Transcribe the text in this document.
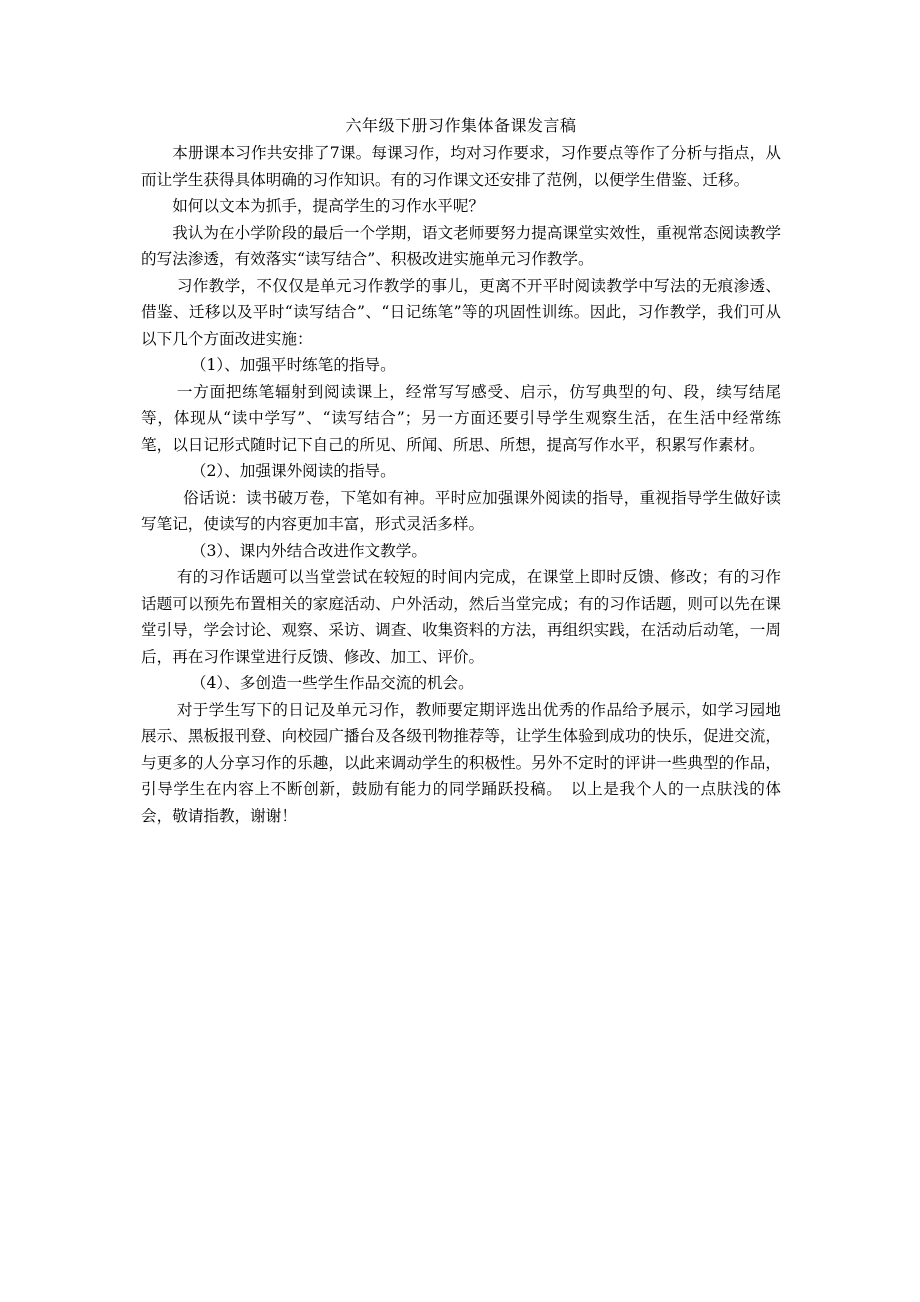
六年级下册习作集体备课发言稿

本册课本习作共安排了7课。每课习作，均对习作要求，习作要点等作了分析与指点，从而让学生获得具体明确的习作知识。有的习作课文还安排了范例，以便学生借鉴、迁移。

如何以文本为抓手，提高学生的习作水平呢？

我认为在小学阶段的最后一个学期，语文老师要努力提高课堂实效性，重视常态阅读教学的写法渗透，有效落实“读写结合”、积极改进实施单元习作教学。

习作教学，不仅仅是单元习作教学的事儿，更离不开平时阅读教学中写法的无痕渗透、借鉴、迁移以及平时“读写结合”、“日记练笔”等的巩固性训练。因此，习作教学，我们可从以下几个方面改进实施：

（1）、加强平时练笔的指导。

一方面把练笔辐射到阅读课上，经常写写感受、启示，仿写典型的句、段，续写结尾等，体现从“读中学写”、“读写结合”；另一方面还要引导学生观察生活，在生活中经常练笔，以日记形式随时记下自己的所见、所闻、所思、所想，提高写作水平，积累写作素材。

（2）、加强课外阅读的指导。

俗话说：读书破万卷，下笔如有神。平时应加强课外阅读的指导，重视指导学生做好读写笔记，使读写的内容更加丰富，形式灵活多样。

（3）、课内外结合改进作文教学。

有的习作话题可以当堂尝试在较短的时间内完成，在课堂上即时反馈、修改；有的习作话题可以预先布置相关的家庭活动、户外活动，然后当堂完成；有的习作话题，则可以先在课堂引导，学会讨论、观察、采访、调查、收集资料的方法，再组织实践，在活动后动笔，一周后，再在习作课堂进行反馈、修改、加工、评价。

（4）、多创造一些学生作品交流的机会。

对于学生写下的日记及单元习作，教师要定期评选出优秀的作品给予展示，如学习园地展示、黑板报刊登、向校园广播台及各级刊物推荐等，让学生体验到成功的快乐，促进交流，与更多的人分享习作的乐趣，以此来调动学生的积极性。另外不定时的评讲一些典型的作品，引导学生在内容上不断创新，鼓励有能力的同学踊跃投稿。　以上是我个人的一点肤浅的体会，敬请指教，谢谢！
